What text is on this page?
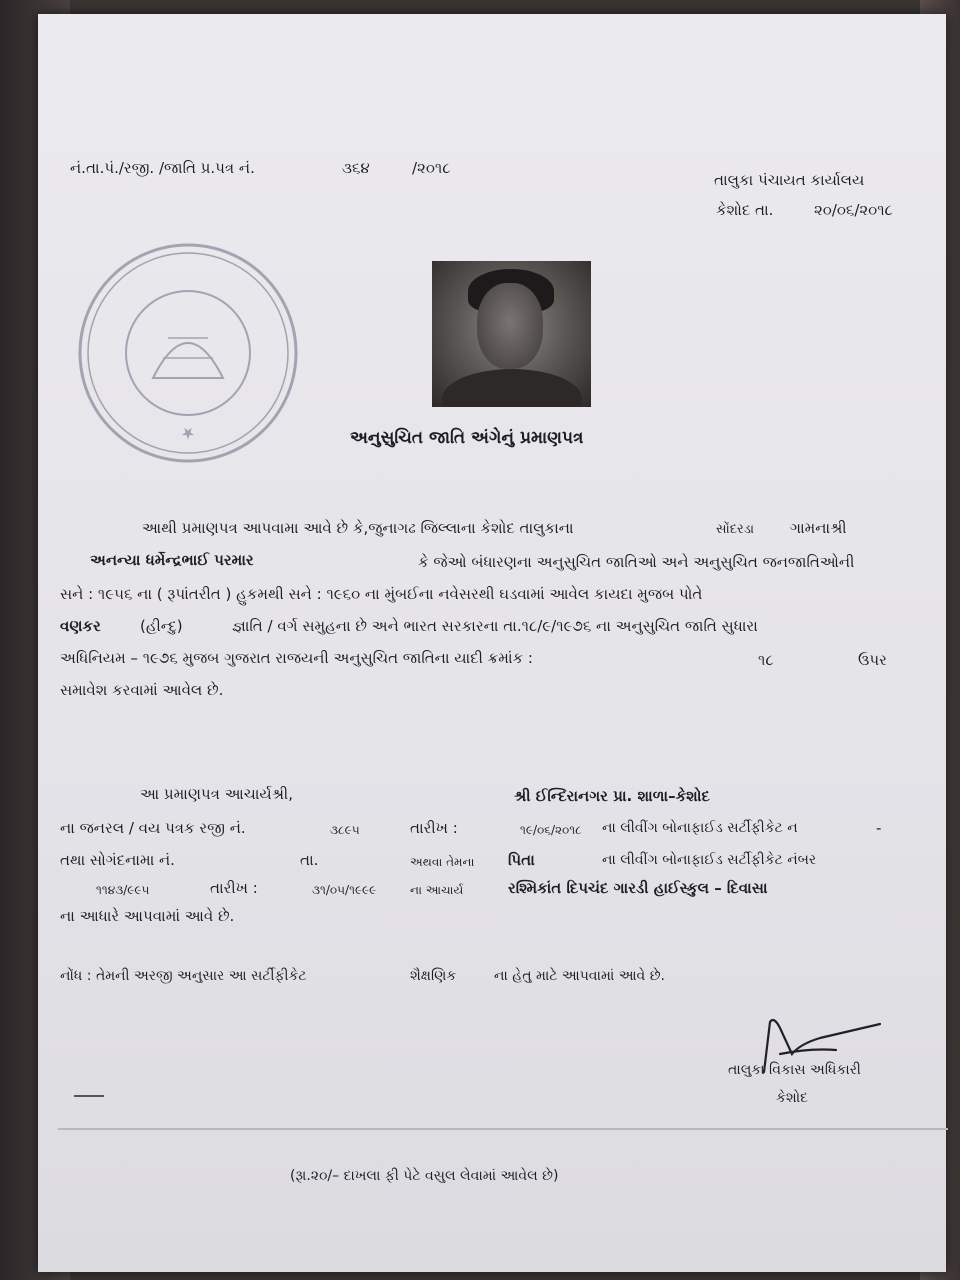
★
નં.તા.પં./રજી. /જાતિ પ્ર.પત્ર નં.	૩૬૪	/૨૦૧૮
તાલુકા પંચાયત કાર્યાલય
કેશોદ તા.	૨૦/૦૬/૨૦૧૮
અનુસુચિત જાતિ અંગેનું પ્રમાણપત્ર
આથી પ્રમાણપત્ર આપવામા આવે છે કે,જુનાગઢ જિલ્લાના કેશોદ તાલુકાના	સોંદરડા ગામનાશ્રી
અનન્યા ધર્મેન્દ્રભાઈ પરમાર	કે જેઓ બંધારણના અનુસુચિત જાતિઓ અને અનુસુચિત જનજાતિઓની
સને : ૧૯૫૬ ના ( રૂપાંતરીત ) હુકમથી સને : ૧૯૬૦ ના મુંબઈના નવેસરથી ઘડવામાં આવેલ કાયદા મુજબ પોતે
વણકર	(હીન્દુ)	જ્ઞાતિ / વર્ગ સમુહના છે અને ભારત સરકારના તા.૧૮/૯/૧૯૭૬ ના અનુસુચિત જાતિ સુધારા
અધિનિયમ – ૧૯૭૬ મુજબ ગુજરાત રાજયની અનુસુચિત જાતિના યાદી ક્રમાંક :	૧૮	ઉપર
સમાવેશ કરવામાં આવેલ છે.
આ પ્રમાણપત્ર આચાર્યશ્રી,	શ્રી ઈન્દિરાનગર પ્રા. શાળા–કેશોદ
ના જનરલ / વય પત્રક રજી નં.	૩૮૯૫	તારીખ :	૧૯/૦૬/૨૦૧૮ ના લીવીંગ બોનાફાઈડ સર્ટીફીકેટ ન	-
તથા સોગંદનામા નં.	તા.	અથવા તેમના પિતા	ના લીવીંગ બોનાફાઈડ સર્ટીફીકેટ નંબર
૧૧૪૩/૯૯૫	તારીખ :	૩૧/૦૫/૧૯૯૯	ના આચાર્ય	રશ્મિકાંત દિપચંદ ગારડી હાઈસ્કુલ – દિવાસા
ના આધારે આપવામાં આવે છે.
નોંધ : તેમની અરજી અનુસાર આ સર્ટીફીકેટ	શૈક્ષણિક	ના હેતુ માટે આપવામાં આવે છે.
તાલુકા વિકાસ અધિકારી
કેશોદ
(રૂા.૨૦/– દાખલા ફી પેટે વસુલ લેવામાં આવેલ છે)
